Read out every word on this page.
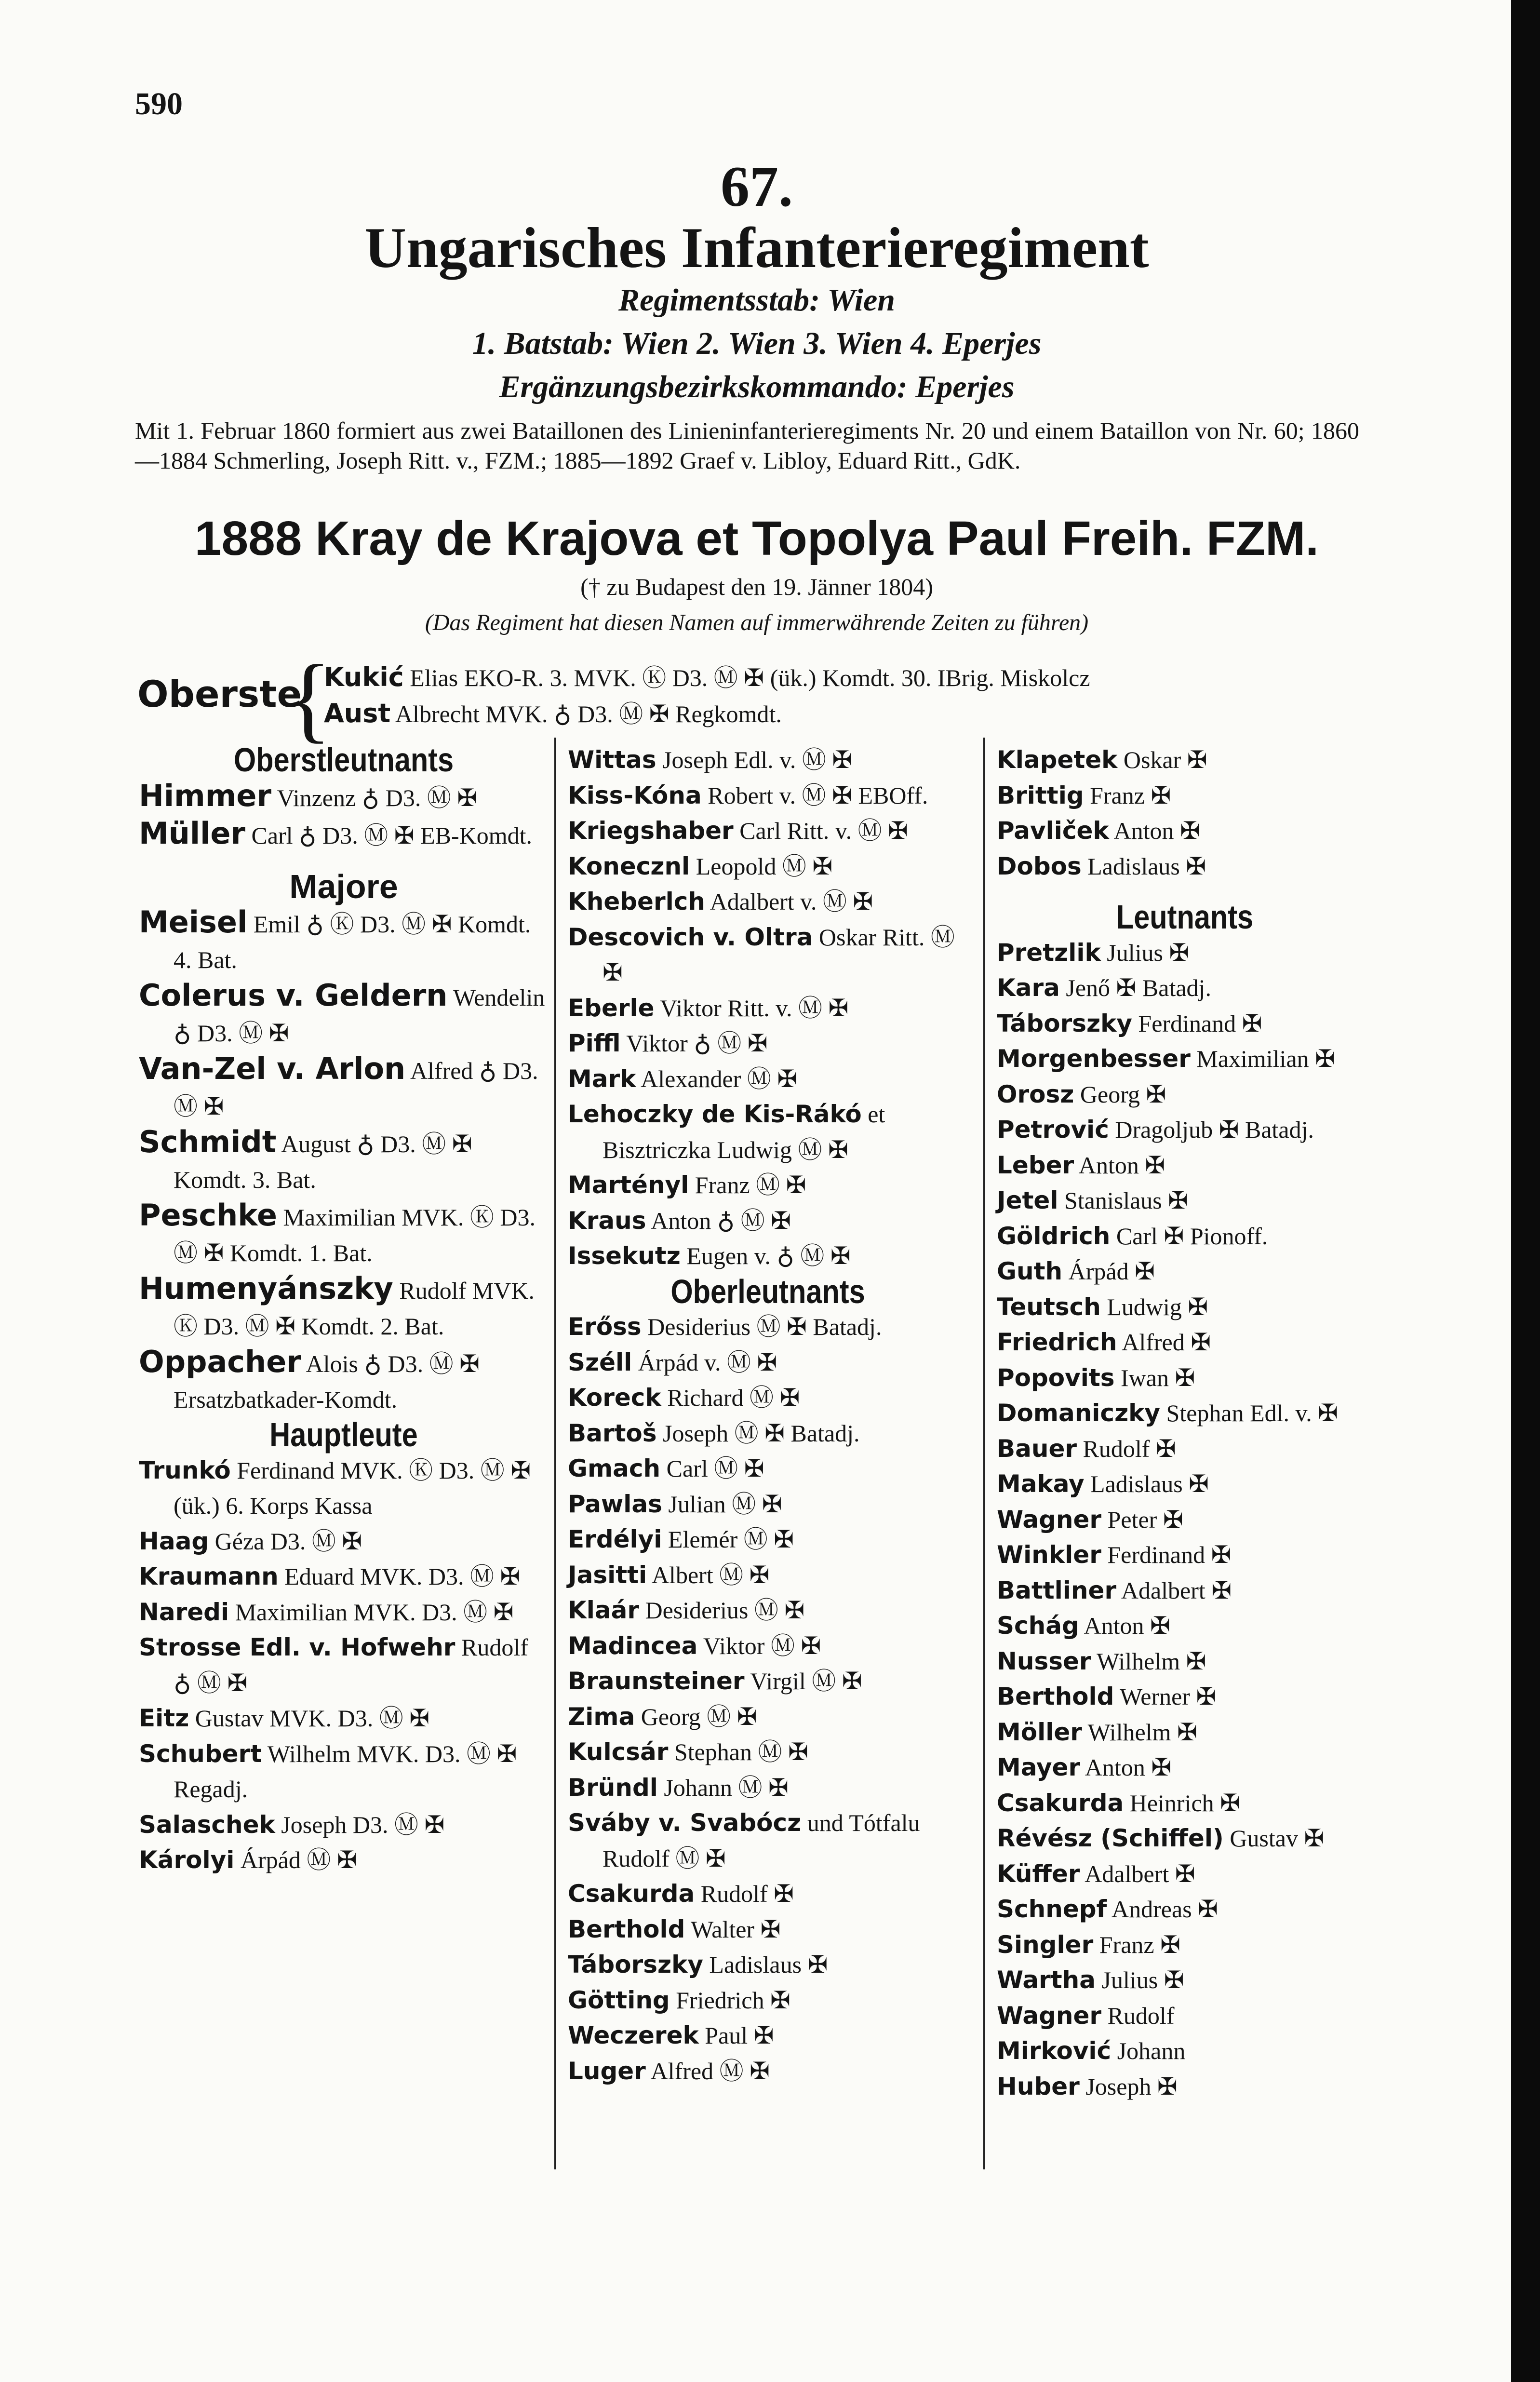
590
67.
Ungarisches Infanterieregiment
Regimentsstab: Wien
1. Batstab: Wien 2. Wien 3. Wien 4. Eperjes
Ergänzungsbezirkskommando: Eperjes
Mit 1. Februar 1860 formiert aus zwei Bataillonen des Linieninfanterieregiments Nr. 20 und einem Bataillon von Nr. 60; 1860—1884 Schmerling, Joseph Ritt. v., FZM.; 1885—1892 Graef v. Libloy, Eduard Ritt., GdK.
1888 Kray de Krajova et Topolya Paul Freih. FZM.
(† zu Budapest den 19. Jänner 1804)
(Das Regiment hat diesen Namen auf immerwährende Zeiten zu führen)
Oberste
{
Kukić Elias EKO-R. 3. MVK. Ⓚ D3. Ⓜ ✠ (ük.) Komdt. 30. IBrig. Miskolcz
Aust Albrecht MVK. ♁ D3. Ⓜ ✠ Regkomdt.
Oberstleutnants
Himmer Vinzenz ♁ D3. Ⓜ ✠
Müller Carl ♁ D3. Ⓜ ✠ EB-Komdt.
Majore
Meisel Emil ♁ Ⓚ D3. Ⓜ ✠ Komdt. 4. Bat.
Colerus v. Geldern Wendelin ♁ D3. Ⓜ ✠
Van-Zel v. Arlon Alfred ♁ D3. Ⓜ ✠
Schmidt August ♁ D3. Ⓜ ✠ Komdt. 3. Bat.
Peschke Maximilian MVK. Ⓚ D3. Ⓜ ✠ Komdt. 1. Bat.
Humenyánszky Rudolf MVK. Ⓚ D3. Ⓜ ✠ Komdt. 2. Bat.
Oppacher Alois ♁ D3. Ⓜ ✠ Ersatzbatkader-Komdt.
Hauptleute
Trunkó Ferdinand MVK. Ⓚ D3. Ⓜ ✠ (ük.) 6. Korps Kassa
Haag Géza D3. Ⓜ ✠
Kraumann Eduard MVK. D3. Ⓜ ✠
Naredi Maximilian MVK. D3. Ⓜ ✠
Strosse Edl. v. Hofwehr Rudolf ♁ Ⓜ ✠
Eitz Gustav MVK. D3. Ⓜ ✠
Schubert Wilhelm MVK. D3. Ⓜ ✠ Regadj.
Salaschek Joseph D3. Ⓜ ✠
Károlyi Árpád Ⓜ ✠
Wittas Joseph Edl. v. Ⓜ ✠
Kiss-Kóna Robert v. Ⓜ ✠ EBOff.
Kriegshaber Carl Ritt. v. Ⓜ ✠
Konecznl Leopold Ⓜ ✠
Kheberlch Adalbert v. Ⓜ ✠
Descovich v. Oltra Oskar Ritt. Ⓜ ✠
Eberle Viktor Ritt. v. Ⓜ ✠
Piffl Viktor ♁ Ⓜ ✠
Mark Alexander Ⓜ ✠
Lehoczky de Kis-Rákó et Bisztriczka Ludwig Ⓜ ✠
Martényl Franz Ⓜ ✠
Kraus Anton ♁ Ⓜ ✠
Issekutz Eugen v. ♁ Ⓜ ✠
Oberleutnants
Erőss Desiderius Ⓜ ✠ Batadj.
Széll Árpád v. Ⓜ ✠
Koreck Richard Ⓜ ✠
Bartoš Joseph Ⓜ ✠ Batadj.
Gmach Carl Ⓜ ✠
Pawlas Julian Ⓜ ✠
Erdélyi Elemér Ⓜ ✠
Jasitti Albert Ⓜ ✠
Klaár Desiderius Ⓜ ✠
Madincea Viktor Ⓜ ✠
Braunsteiner Virgil Ⓜ ✠
Zima Georg Ⓜ ✠
Kulcsár Stephan Ⓜ ✠
Bründl Johann Ⓜ ✠
Sváby v. Svabócz und Tótfalu Rudolf Ⓜ ✠
Csakurda Rudolf ✠
Berthold Walter ✠
Táborszky Ladislaus ✠
Götting Friedrich ✠
Weczerek Paul ✠
Luger Alfred Ⓜ ✠
Klapetek Oskar ✠
Brittig Franz ✠
Pavliček Anton ✠
Dobos Ladislaus ✠
Leutnants
Pretzlik Julius ✠
Kara Jenő ✠ Batadj.
Táborszky Ferdinand ✠
Morgenbesser Maximilian ✠
Orosz Georg ✠
Petrović Dragoljub ✠ Batadj.
Leber Anton ✠
Jetel Stanislaus ✠
Göldrich Carl ✠ Pionoff.
Guth Árpád ✠
Teutsch Ludwig ✠
Friedrich Alfred ✠
Popovits Iwan ✠
Domaniczky Stephan Edl. v. ✠
Bauer Rudolf ✠
Makay Ladislaus ✠
Wagner Peter ✠
Winkler Ferdinand ✠
Battliner Adalbert ✠
Schág Anton ✠
Nusser Wilhelm ✠
Berthold Werner ✠
Möller Wilhelm ✠
Mayer Anton ✠
Csakurda Heinrich ✠
Révész (Schiffel) Gustav ✠
Küffer Adalbert ✠
Schnepf Andreas ✠
Singler Franz ✠
Wartha Julius ✠
Wagner Rudolf
Mirković Johann
Huber Joseph ✠
